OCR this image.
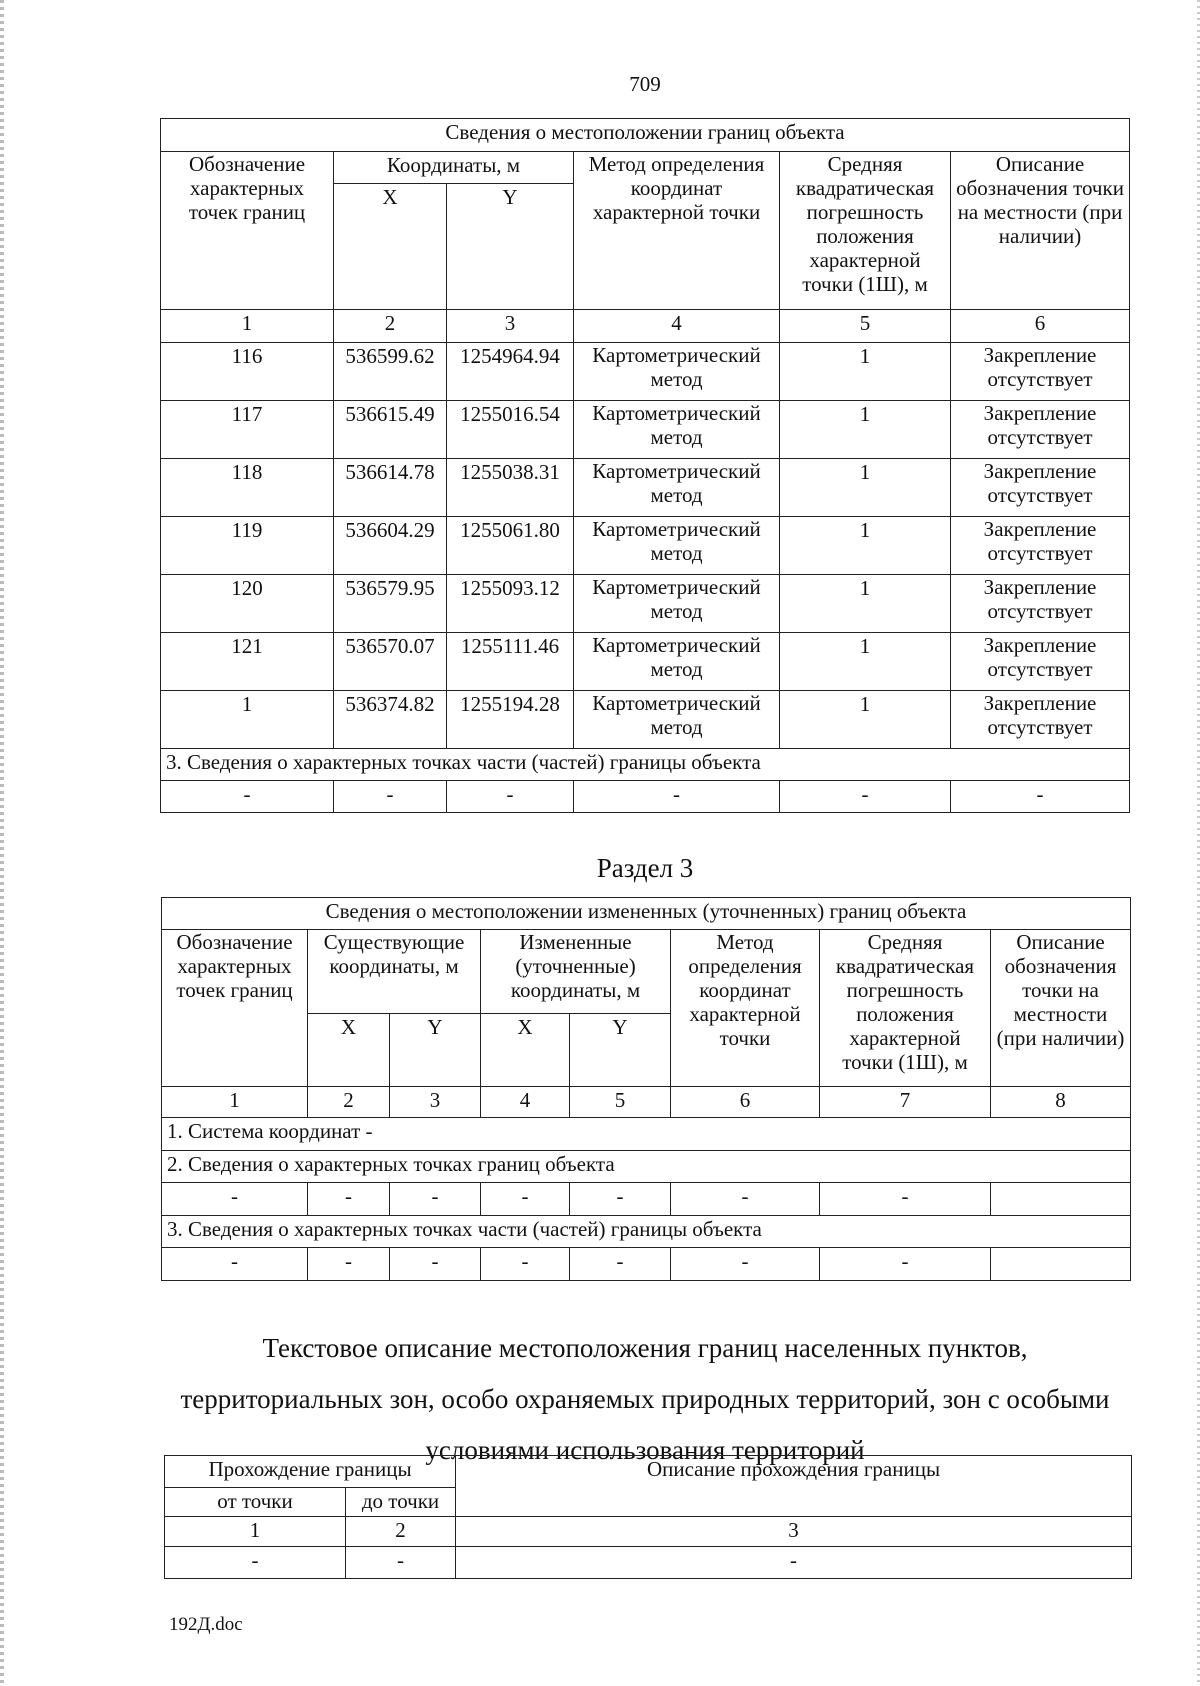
709
Сведения о местоположении границ объекта					
Обозначение характерных точек границ	Координаты, м		Метод определения координат характерной точки	Средняя квадратическая погрешность положения характерной точки (1Ш), м	Описание обозначения точки на местности (при наличии)
	X	Y			
1	2	3	4	5	6
116	536599.62	1254964.94	Картометрический метод	1	Закрепление отсутствует
117	536615.49	1255016.54	Картометрический метод	1	Закрепление отсутствует
118	536614.78	1255038.31	Картометрический метод	1	Закрепление отсутствует
119	536604.29	1255061.80	Картометрический метод	1	Закрепление отсутствует
120	536579.95	1255093.12	Картометрический метод	1	Закрепление отсутствует
121	536570.07	1255111.46	Картометрический метод	1	Закрепление отсутствует
1	536374.82	1255194.28	Картометрический метод	1	Закрепление отсутствует
3. Сведения о характерных точках части (частей) границы объекта					
-	-	-	-	-	-
Раздел 3
Сведения о местоположении измененных (уточненных) границ объекта							
Обозначение характерных точек границ	Существующие координаты, м		Измененные (уточненные) координаты, м		Метод определения координат характерной точки	Средняя квадратическая погрешность положения характерной точки (1Ш), м	Описание обозначения точки на местности (при наличии)
	X	Y	X	Y			
1	2	3	4	5	6	7	8
1. Система координат -							
2. Сведения о характерных точках границ объекта							
-	-	-	-	-	-	-	
3. Сведения о характерных точках части (частей) границы объекта							
-	-	-	-	-	-	-	
Текстовое описание местоположения границ населенных пунктов, территориальных зон, особо охраняемых природных территорий, зон с особыми условиями использования территорий
Прохождение границы		Описание прохождения границы
от точки	до точки	
1	2	3
-	-	-
192Д.doc
